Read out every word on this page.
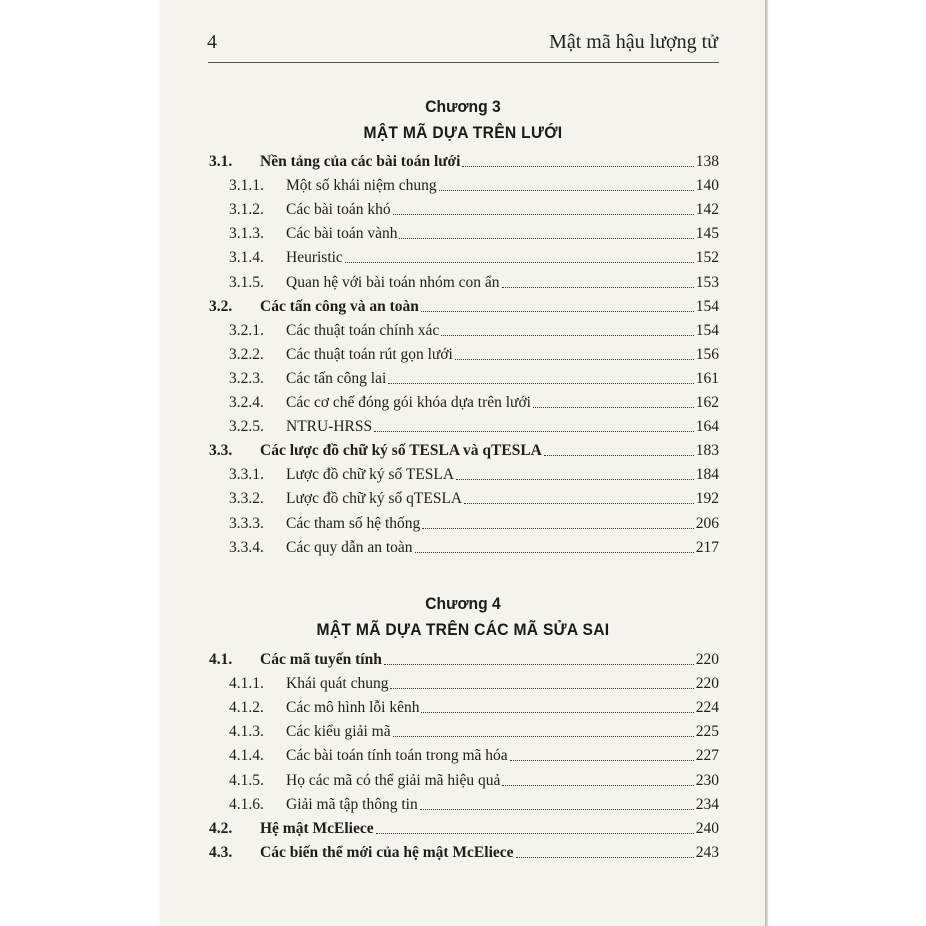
4	Mật mã hậu lượng tử
Chương 3
MẬT MÃ DỰA TRÊN LƯỚI
3.1.	Nền tảng của các bài toán lưới	138
3.1.1.	Một số khái niệm chung	140
3.1.2.	Các bài toán khó	142
3.1.3.	Các bài toán vành	145
3.1.4.	Heuristic	152
3.1.5.	Quan hệ với bài toán nhóm con ẩn	153
3.2.	Các tấn công và an toàn	154
3.2.1.	Các thuật toán chính xác	154
3.2.2.	Các thuật toán rút gọn lưới	156
3.2.3.	Các tấn công lai	161
3.2.4.	Các cơ chế đóng gói khóa dựa trên lưới	162
3.2.5.	NTRU-HRSS	164
3.3.	Các lược đồ chữ ký số TESLA và qTESLA	183
3.3.1.	Lược đồ chữ ký số TESLA	184
3.3.2.	Lược đồ chữ ký số qTESLA	192
3.3.3.	Các tham số hệ thống	206
3.3.4.	Các quy dẫn an toàn	217
Chương 4
MẬT MÃ DỰA TRÊN CÁC MÃ SỬA SAI
4.1.	Các mã tuyến tính	220
4.1.1.	Khái quát chung	220
4.1.2.	Các mô hình lỗi kênh	224
4.1.3.	Các kiểu giải mã	225
4.1.4.	Các bài toán tính toán trong mã hóa	227
4.1.5.	Họ các mã có thể giải mã hiệu quả	230
4.1.6.	Giải mã tập thông tin	234
4.2.	Hệ mật McEliece	240
4.3.	Các biến thể mới của hệ mật McEliece	243
